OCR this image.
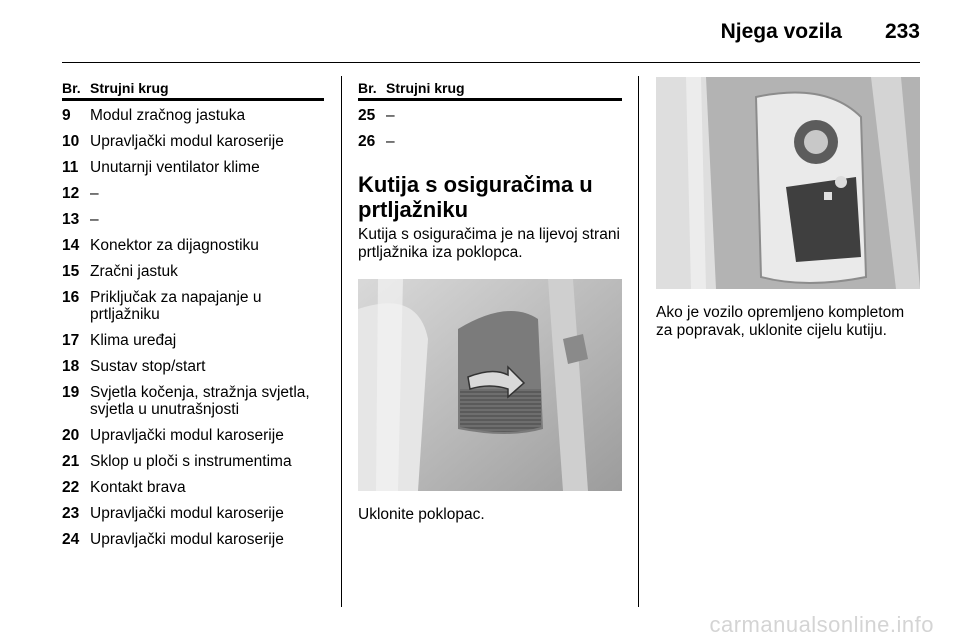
Njega vozila 233
Br. Strujni krug
9	Modul zračnog jastuka
10 Upravljački modul karoserije
11 Unutarnji ventilator klime
12 –
13 –
14 Konektor za dijagnostiku
15 Zračni jastuk
16 Priključak za napajanje u prtljažniku
17 Klima uređaj
18 Sustav stop/start
19 Svjetla kočenja, stražnja svjetla, svjetla u unutrašnjosti
20 Upravljački modul karoserije
21 Sklop u ploči s instrumentima
22 Kontakt brava
23 Upravljački modul karoserije
24 Upravljački modul karoserije
Br. Strujni krug
25 –
26 –
Kutija s osiguračima u prtljažniku
Kutija s osiguračima je na lijevoj strani prtljažnika iza poklopca.
Uklonite poklopac.
Ako je vozilo opremljeno kompletom za popravak, uklonite cijelu kutiju.
carmanualsonline.info
